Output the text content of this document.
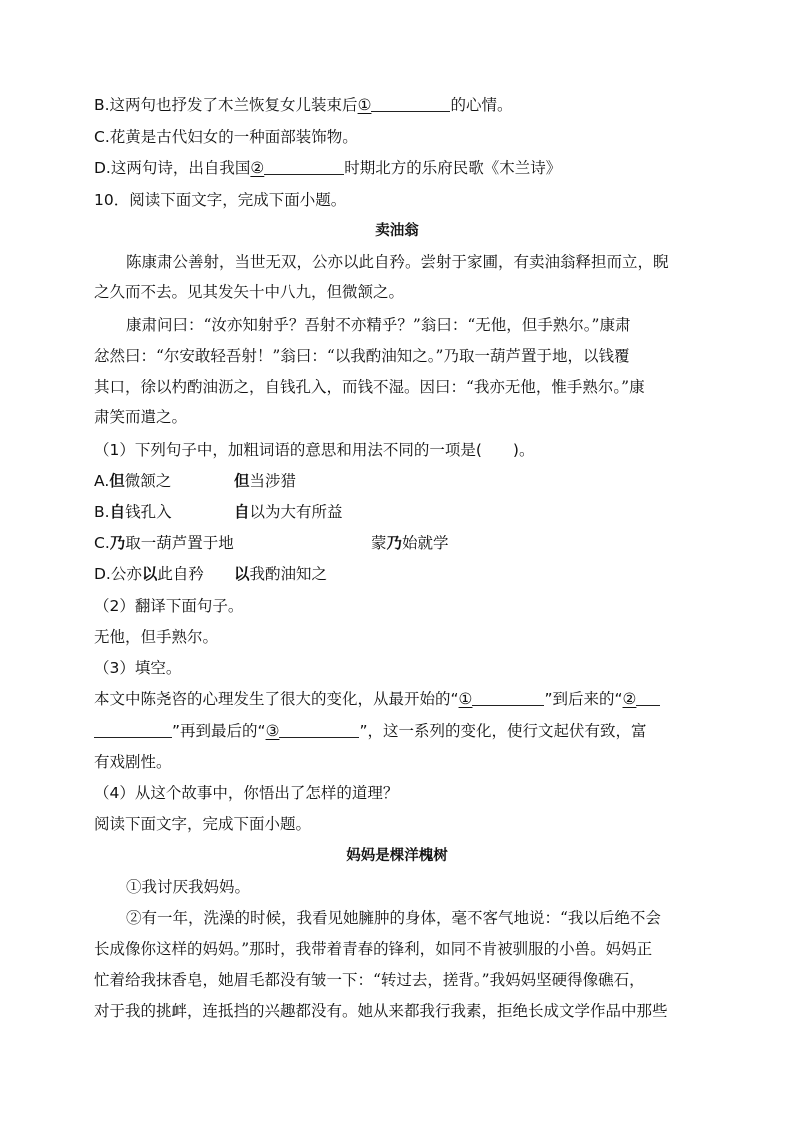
B.这两句也抒发了木兰恢复女儿装束后①	的心情。
C.花黄是古代妇女的一种面部装饰物。
D.这两句诗，出自我国②	时期北方的乐府民歌《木兰诗》
10．阅读下面文字，完成下面小题。
卖油翁
陈康肃公善射，当世无双，公亦以此自矜。尝射于家圃，有卖油翁释担而立，睨
之久而不去。见其发矢十中八九，但微颔之。
康肃问曰：“汝亦知射乎？吾射不亦精乎？”翁曰：“无他，但手熟尔。”康肃
忿然曰：“尔安敢轻吾射！”翁曰：“以我酌油知之。”乃取一葫芦置于地，以钱覆
其口，徐以杓酌油沥之，自钱孔入，而钱不湿。因曰：“我亦无他，惟手熟尔。”康
肃笑而遣之。
（1）下列句子中，加粗词语的意思和用法不同的一项是(　　)。
A.但微颔之	但当涉猎
B.自钱孔入	自以为大有所益
C.乃取一葫芦置于地	蒙乃始就学
D.公亦以此自矜 以我酌油知之
（2）翻译下面句子。
无他，但手熟尔。
（3）填空。
本文中陈尧咨的心理发生了很大的变化，从最开始的“①	”到后来的“②
”再到最后的“③	”，这一系列的变化，使行文起伏有致，富
有戏剧性。
（4）从这个故事中，你悟出了怎样的道理？
阅读下面文字，完成下面小题。
妈妈是棵洋槐树
①我讨厌我妈妈。
②有一年，洗澡的时候，我看见她臃肿的身体，毫不客气地说：“我以后绝不会
长成像你这样的妈妈。”那时，我带着青春的锋利，如同不肯被驯服的小兽。妈妈正
忙着给我抹香皂，她眉毛都没有皱一下：“转过去，搓背。”我妈妈坚硬得像礁石，
对于我的挑衅，连抵挡的兴趣都没有。她从来都我行我素，拒绝长成文学作品中那些
